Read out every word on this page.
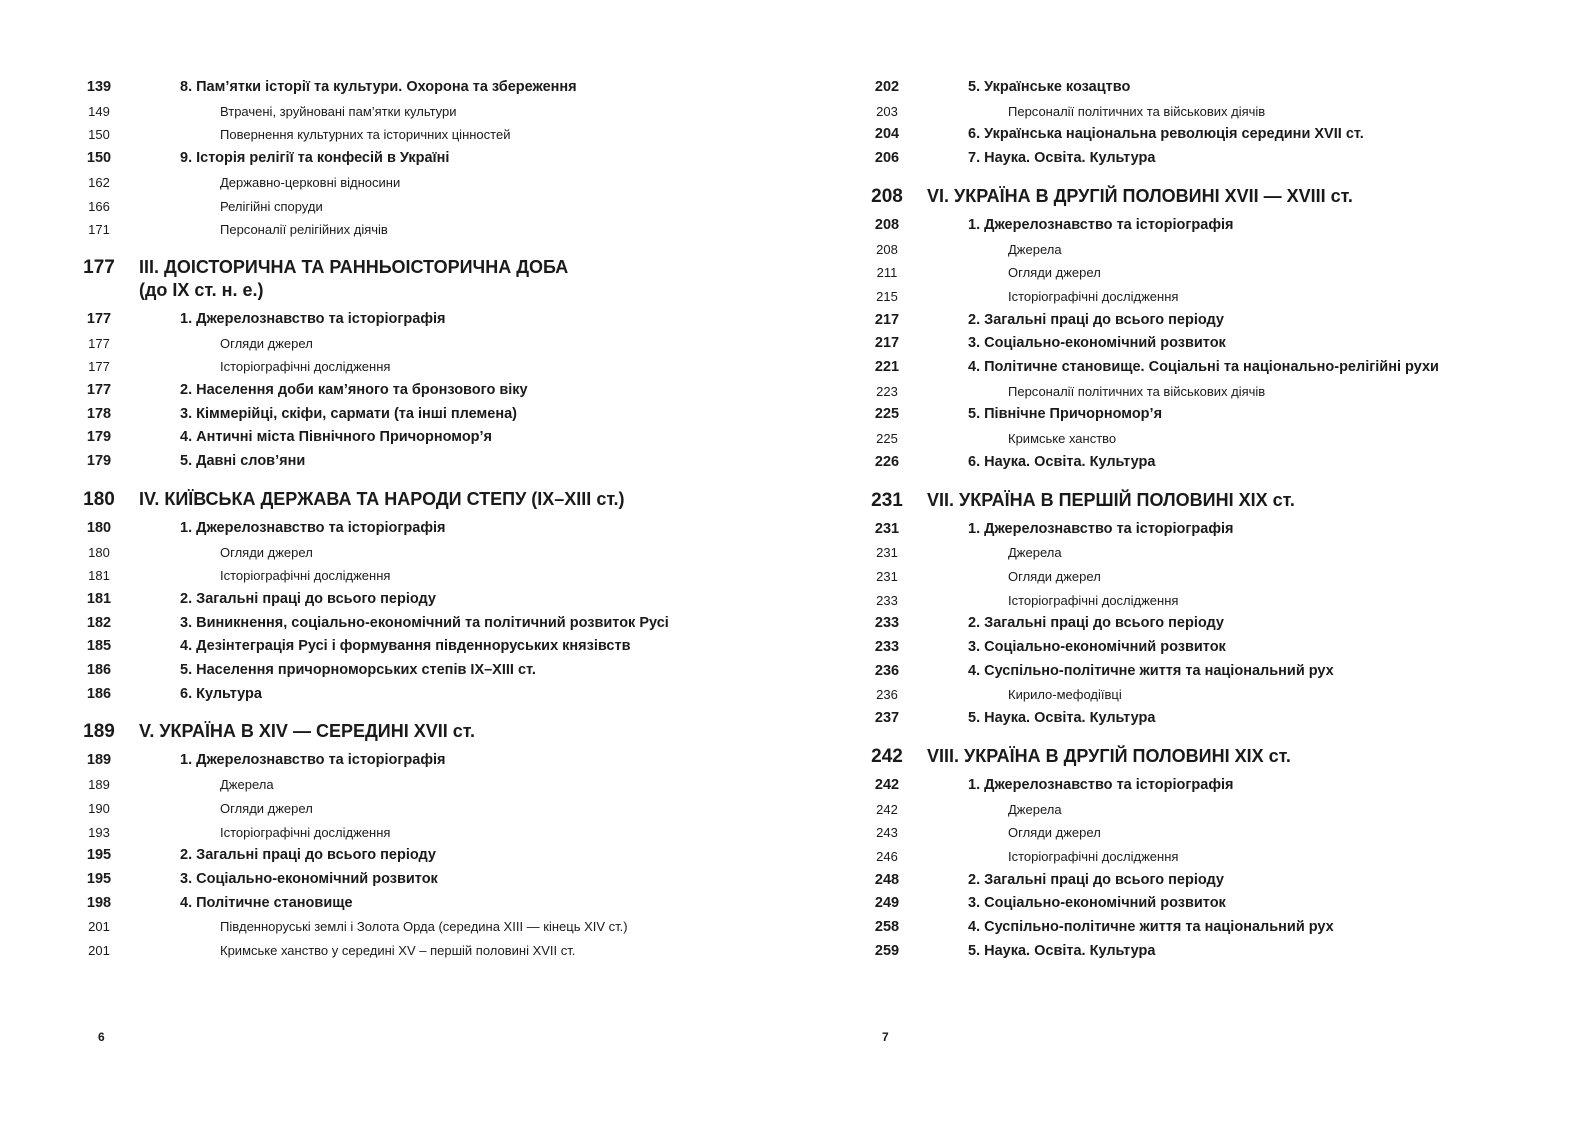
139	8. Пам’ятки історії та культури. Охорона та збереження
149	Втрачені, зруйновані пам’ятки культури
150	Повернення культурних та історичних цінностей
150	9. Історія релігії та конфесій в Україні
162	Державно-церковні відносини
166	Релігійні споруди
171	Персоналії релігійних діячів
177	III. ДОІСТОРИЧНА ТА РАННЬОІСТОРИЧНА ДОБА
(до IX ст. н. е.)
177	1. Джерелознавство та історіографія
177	Огляди джерел
177	Історіографічні дослідження
177	2. Населення доби кам’яного та бронзового віку
178	3. Кіммерійці, скіфи, сармати (та інші племена)
179	4. Античні міста Північного Причорномор’я
179	5. Давні слов’яни
180	IV. КИЇВСЬКА ДЕРЖАВА ТА НАРОДИ СТЕПУ (IX–XIII ст.)
180	1. Джерелознавство та історіографія
180	Огляди джерел
181	Історіографічні дослідження
181	2. Загальні праці до всього періоду
182	3. Виникнення, соціально-економічний та політичний розвиток Русі
185	4. Дезінтеграція Русі і формування південноруських князівств
186	5. Населення причорноморських степів IX–XIII ст.
186	6. Культура
189	V. УКРАЇНА В XIV — СЕРЕДИНІ XVII ст.
189	1. Джерелознавство та історіографія
189	Джерела
190	Огляди джерел
193	Історіографічні дослідження
195	2. Загальні праці до всього періоду
195	3. Соціально-економічний розвиток
198	4. Політичне становище
201	Південноруські землі і Золота Орда (середина XIII — кінець XIV ст.)
201	Кримське ханство у середині XV – першій половині XVII ст.
6
202	5. Українське козацтво
203	Персоналії політичних та військових діячів
204	6. Українська національна революція середини XVII ст.
206	7. Наука. Освіта. Культура
208	VI. УКРАЇНА В ДРУГІЙ ПОЛОВИНІ XVII — XVIII ст.
208	1. Джерелознавство та історіографія
208	Джерела
211	Огляди джерел
215	Історіографічні дослідження
217	2. Загальні праці до всього періоду
217	3. Соціально-економічний розвиток
221	4. Політичне становище. Соціальні та національно-релігійні рухи
223	Персоналії політичних та військових діячів
225	5. Північне Причорномор’я
225	Кримське ханство
226	6. Наука. Освіта. Культура
231	VII. УКРАЇНА В ПЕРШІЙ ПОЛОВИНІ XIX ст.
231	1. Джерелознавство та історіографія
231	Джерела
231	Огляди джерел
233	Історіографічні дослідження
233	2. Загальні праці до всього періоду
233	3. Соціально-економічний розвиток
236	4. Суспільно-політичне життя та національний рух
236	Кирило-мефодіївці
237	5. Наука. Освіта. Культура
242	VIII. УКРАЇНА В ДРУГІЙ ПОЛОВИНІ XIX ст.
242	1. Джерелознавство та історіографія
242	Джерела
243	Огляди джерел
246	Історіографічні дослідження
248	2. Загальні праці до всього періоду
249	3. Соціально-економічний розвиток
258	4. Суспільно-політичне життя та національний рух
259	5. Наука. Освіта. Культура
7
